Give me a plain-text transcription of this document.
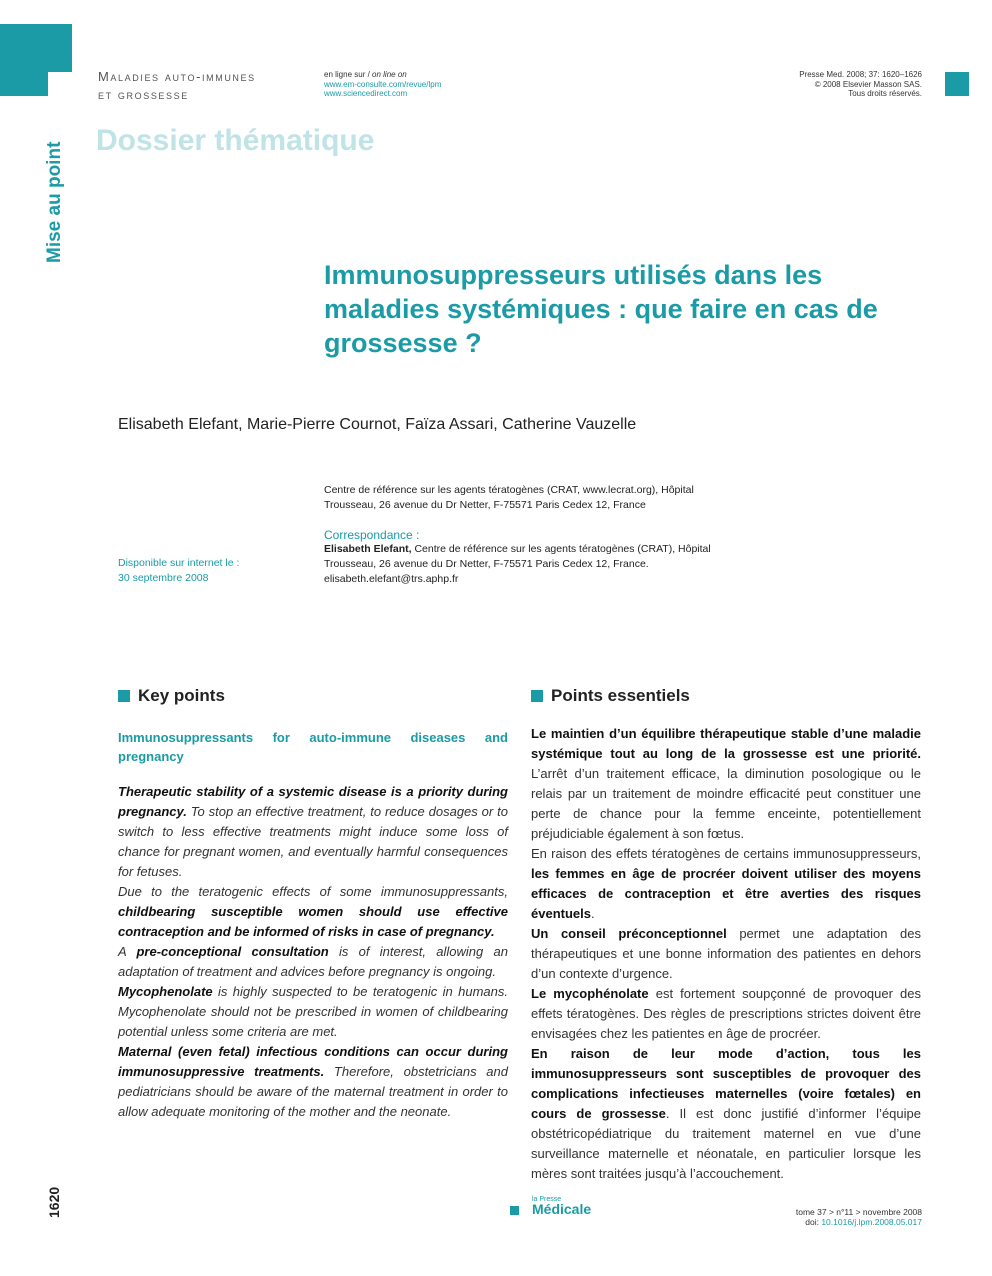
Mise au point
Maladies auto-immunes
et grossesse
en ligne sur / on line on
www.em-consulte.com/revue/lpm
www.sciencedirect.com
Presse Med. 2008; 37: 1620–1626
© 2008 Elsevier Masson SAS.
Tous droits réservés.
Dossier thématique
Immunosuppresseurs utilisés dans les maladies systémiques : que faire en cas de grossesse ?
Elisabeth Elefant, Marie-Pierre Cournot, Faïza Assari, Catherine Vauzelle
Centre de référence sur les agents tératogènes (CRAT, www.lecrat.org), Hôpital Trousseau, 26 avenue du Dr Netter, F-75571 Paris Cedex 12, France
Correspondance :
Elisabeth Elefant, Centre de référence sur les agents tératogènes (CRAT), Hôpital Trousseau, 26 avenue du Dr Netter, F-75571 Paris Cedex 12, France.
elisabeth.elefant@trs.aphp.fr
Disponible sur internet le :
30 septembre 2008
Key points	Points essentiels
Immunosuppressants for auto-immune diseases and pregnancy

Therapeutic stability of a systemic disease is a priority during pregnancy. To stop an effective treatment, to reduce dosages or to switch to less effective treatments might induce some loss of chance for pregnant women, and eventually harmful consequences for fetuses.

Due to the teratogenic effects of some immunosuppressants, childbearing susceptible women should use effective contraception and be informed of risks in case of pregnancy.

A pre-conceptional consultation is of interest, allowing an adaptation of treatment and advices before pregnancy is ongoing.

Mycophenolate is highly suspected to be teratogenic in humans. Mycophenolate should not be prescribed in women of childbearing potential unless some criteria are met.

Maternal (even fetal) infectious conditions can occur during immunosuppressive treatments. Therefore, obstetricians and pediatricians should be aware of the maternal treatment in order to allow adequate monitoring of the mother and the neonate.

Le maintien d’un équilibre thérapeutique stable d’une maladie systémique tout au long de la grossesse est une priorité. L’arrêt d’un traitement efficace, la diminution posologique ou le relais par un traitement de moindre efficacité peut constituer une perte de chance pour la femme enceinte, potentiellement préjudiciable également à son fœtus.

En raison des effets tératogènes de certains immunosuppresseurs, les femmes en âge de procréer doivent utiliser des moyens efficaces de contraception et être averties des risques éventuels.

Un conseil préconceptionnel permet une adaptation des thérapeutiques et une bonne information des patientes en dehors d’un contexte d’urgence.

Le mycophénolate est fortement soupçonné de provoquer des effets tératogènes. Des règles de prescriptions strictes doivent être envisagées chez les patientes en âge de procréer.

En raison de leur mode d’action, tous les immunosuppresseurs sont susceptibles de provoquer des complications infectieuses maternelles (voire fœtales) en cours de grossesse. Il est donc justifié d’informer l’équipe obstétricopédiatrique du traitement maternel en vue d’une surveillance maternelle et néonatale, en particulier lorsque les mères sont traitées jusqu’à l’accouchement.

1620	la Presse
Médicale	tome 37 > n°11 > novembre 2008
doi: 10.1016/j.lpm.2008.05.017
